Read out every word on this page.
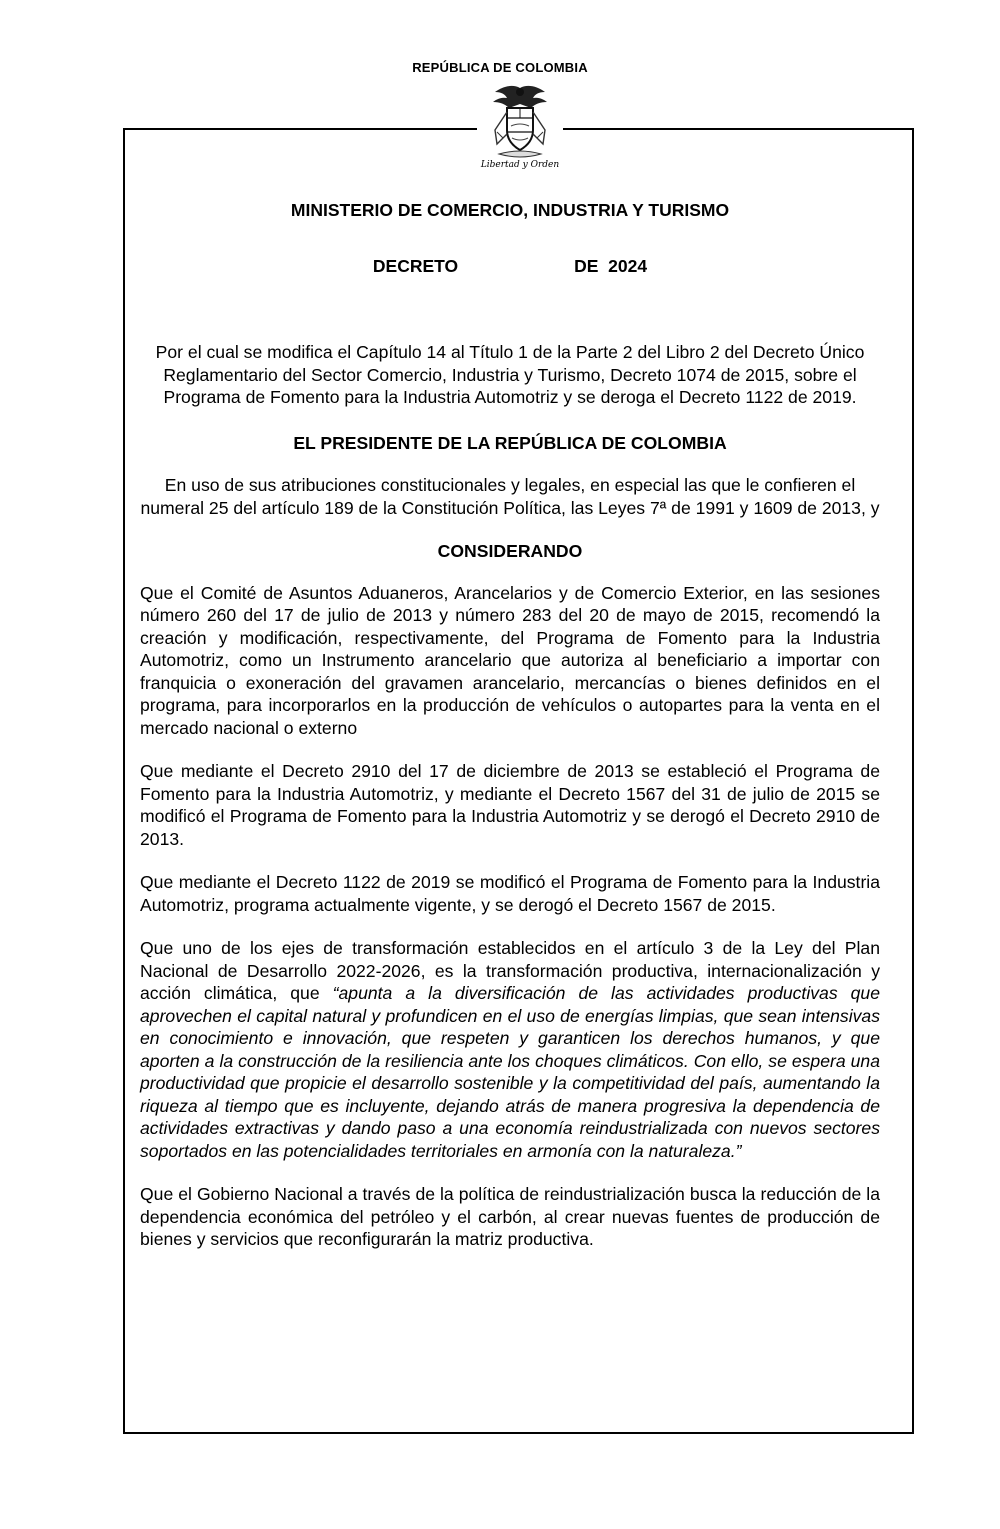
REPÚBLICA DE COLOMBIA
Libertad y Orden
MINISTERIO DE COMERCIO, INDUSTRIA Y TURISMO
DECRETO	DE  2024
Por el cual se modifica el Capítulo 14 al Título 1 de la Parte 2 del Libro 2 del Decreto Único Reglamentario del Sector Comercio, Industria y Turismo, Decreto 1074 de 2015, sobre el Programa de Fomento para la Industria Automotriz y se deroga el Decreto 1122 de 2019.
EL PRESIDENTE DE LA REPÚBLICA DE COLOMBIA
En uso de sus atribuciones constitucionales y legales, en especial las que le confieren el numeral 25 del artículo 189 de la Constitución Política, las Leyes 7ª de 1991 y 1609 de 2013, y
CONSIDERANDO
Que el Comité de Asuntos Aduaneros, Arancelarios y de Comercio Exterior, en las sesiones número 260 del 17 de julio de 2013 y número 283 del 20 de mayo de 2015, recomendó la creación y modificación, respectivamente, del Programa de Fomento para la Industria Automotriz, como un Instrumento arancelario que autoriza al beneficiario a importar con franquicia o exoneración del gravamen arancelario, mercancías o bienes definidos en el programa, para incorporarlos en la producción de vehículos o autopartes para la venta en el mercado nacional o externo
Que mediante el Decreto 2910 del 17 de diciembre de 2013 se estableció el Programa de Fomento para la Industria Automotriz, y mediante el Decreto 1567 del 31 de julio de 2015 se modificó el Programa de Fomento para la Industria Automotriz y se derogó el Decreto 2910 de 2013.
Que mediante el Decreto 1122 de 2019 se modificó el Programa de Fomento para la Industria Automotriz, programa actualmente vigente, y se derogó el Decreto 1567 de 2015.
Que uno de los ejes de transformación establecidos en el artículo 3 de la Ley del Plan Nacional de Desarrollo 2022-2026, es la transformación productiva, internacionalización y acción climática, que “apunta a la diversificación de las actividades productivas que aprovechen el capital natural y profundicen en el uso de energías limpias, que sean intensivas en conocimiento e innovación, que respeten y garanticen los derechos humanos, y que aporten a la construcción de la resiliencia ante los choques climáticos. Con ello, se espera una productividad que propicie el desarrollo sostenible y la competitividad del país, aumentando la riqueza al tiempo que es incluyente, dejando atrás de manera progresiva la dependencia de actividades extractivas y dando paso a una economía reindustrializada con nuevos sectores soportados en las potencialidades territoriales en armonía con la naturaleza.”
Que el Gobierno Nacional a través de la política de reindustrialización busca la reducción de la dependencia económica del petróleo y el carbón, al crear nuevas fuentes de producción de bienes y servicios que reconfigurarán la matriz productiva.
